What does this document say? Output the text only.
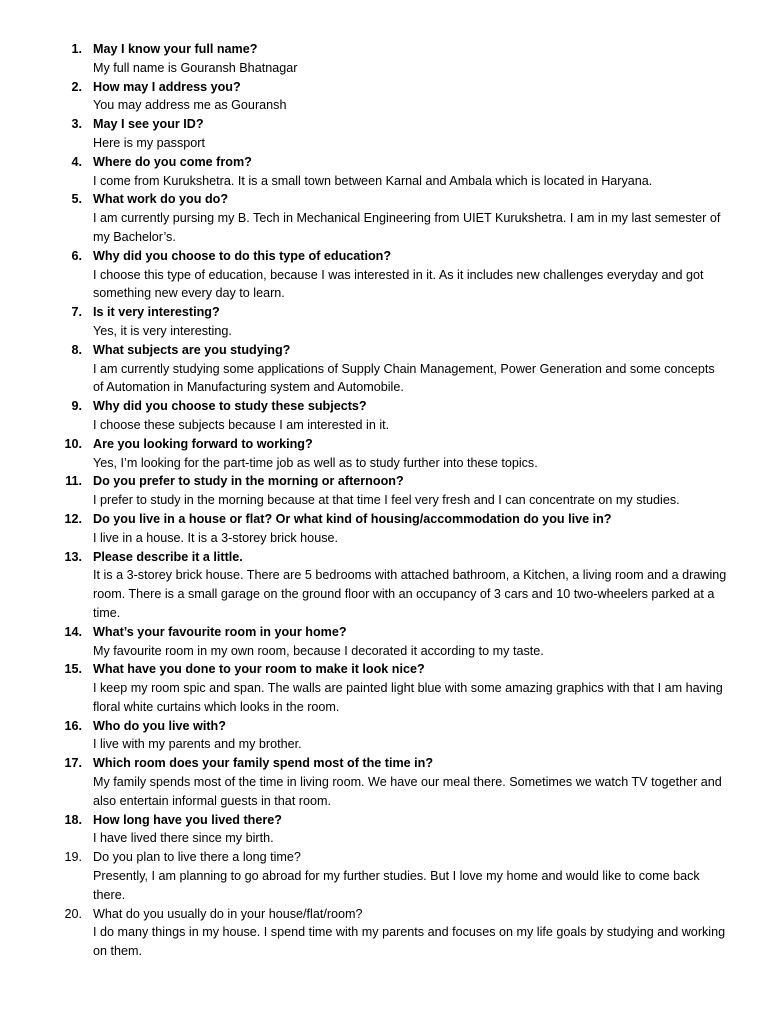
1. May I know your full name?
My full name is Gouransh Bhatnagar
2. How may I address you?
You may address me as Gouransh
3. May I see your ID?
Here is my passport
4. Where do you come from?
I come from Kurukshetra. It is a small town between Karnal and Ambala which is located in Haryana.
5. What work do you do?
I am currently pursing my B. Tech in Mechanical Engineering from UIET Kurukshetra. I am in my last semester of my Bachelor’s.
6. Why did you choose to do this type of education?
I choose this type of education, because I was interested in it. As it includes new challenges everyday and got something new every day to learn.
7. Is it very interesting?
Yes, it is very interesting.
8. What subjects are you studying?
I am currently studying some applications of Supply Chain Management, Power Generation and some concepts of Automation in Manufacturing system and Automobile.
9. Why did you choose to study these subjects?
I choose these subjects because I am interested in it.
10. Are you looking forward to working?
Yes, I’m looking for the part-time job as well as to study further into these topics.
11. Do you prefer to study in the morning or afternoon?
I prefer to study in the morning because at that time I feel very fresh and I can concentrate on my studies.
12. Do you live in a house or flat? Or what kind of housing/accommodation do you live in?
I live in a house. It is a 3-storey brick house.
13. Please describe it a little.
It is a 3-storey brick house. There are 5 bedrooms with attached bathroom, a Kitchen, a living room and a drawing room. There is a small garage on the ground floor with an occupancy of 3 cars and 10 two-wheelers parked at a time.
14. What’s your favourite room in your home?
My favourite room in my own room, because I decorated it according to my taste.
15. What have you done to your room to make it look nice?
I keep my room spic and span. The walls are painted light blue with some amazing graphics with that I am having floral white curtains which looks in the room.
16. Who do you live with?
I live with my parents and my brother.
17. Which room does your family spend most of the time in?
My family spends most of the time in living room. We have our meal there. Sometimes we watch TV together and also entertain informal guests in that room.
18. How long have you lived there?
I have lived there since my birth.
19. Do you plan to live there a long time?
Presently, I am planning to go abroad for my further studies. But I love my home and would like to come back there.
20. What do you usually do in your house/flat/room?
I do many things in my house. I spend time with my parents and focuses on my life goals by studying and working on them.
